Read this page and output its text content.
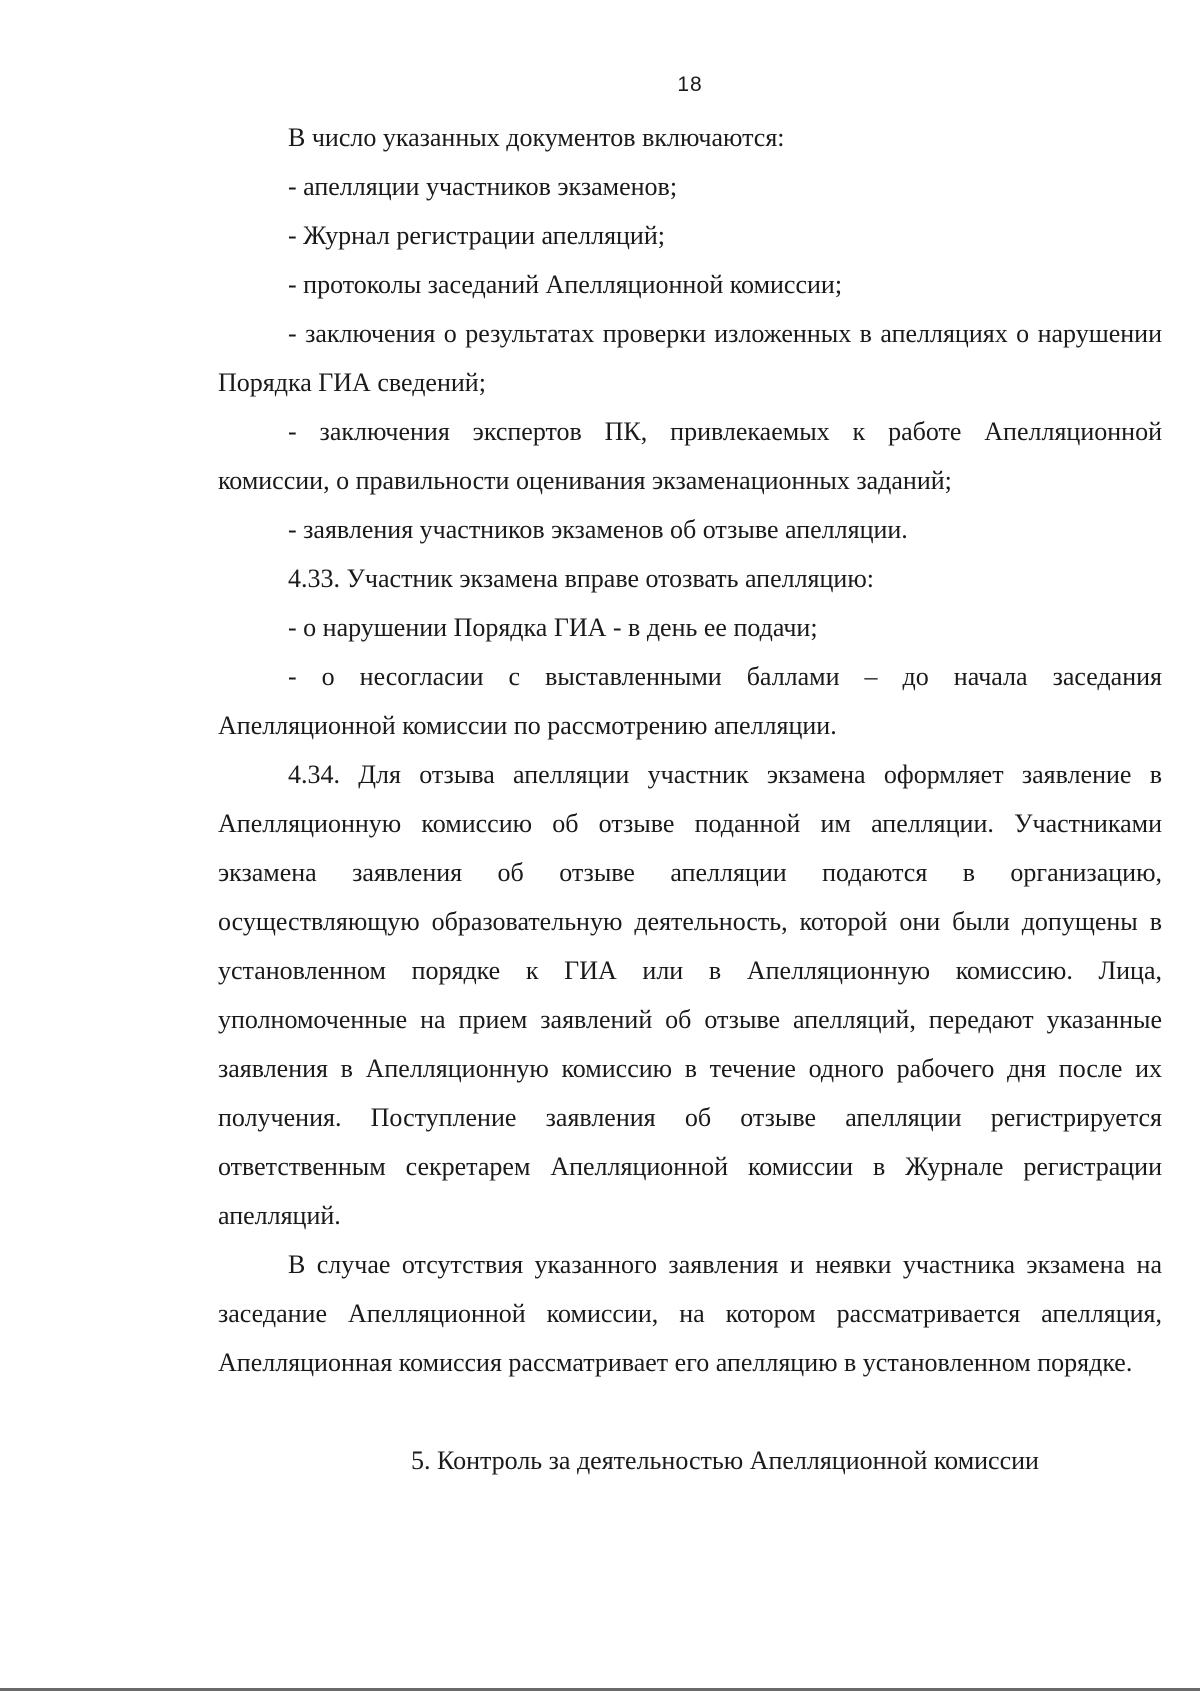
18

В число указанных документов включаются:

- апелляции участников экзаменов;

- Журнал регистрации апелляций;

- протоколы заседаний Апелляционной комиссии;

- заключения о результатах проверки изложенных в апелляциях о нарушении Порядка ГИА сведений;

- заключения экспертов ПК, привлекаемых к работе Апелляционной комиссии, о правильности оценивания экзаменационных заданий;

- заявления участников экзаменов об отзыве апелляции.

4.33. Участник экзамена вправе отозвать апелляцию:

- о нарушении Порядка ГИА - в день ее подачи;

- о несогласии с выставленными баллами – до начала заседания Апелляционной комиссии по рассмотрению апелляции.

4.34. Для отзыва апелляции участник экзамена оформляет заявление в Апелляционную комиссию об отзыве поданной им апелляции. Участниками экзамена заявления об отзыве апелляции подаются в организацию, осуществляющую образовательную деятельность, которой они были допущены в установленном порядке к ГИА или в Апелляционную комиссию. Лица, уполномоченные на прием заявлений об отзыве апелляций, передают указанные заявления в Апелляционную комиссию в течение одного рабочего дня после их получения. Поступление заявления об отзыве апелляции регистрируется ответственным секретарем Апелляционной комиссии в Журнале регистрации апелляций.

В случае отсутствия указанного заявления и неявки участника экзамена на заседание Апелляционной комиссии, на котором рассматривается апелляция, Апелляционная комиссия рассматривает его апелляцию в установленном порядке.

5. Контроль за деятельностью Апелляционной комиссии
